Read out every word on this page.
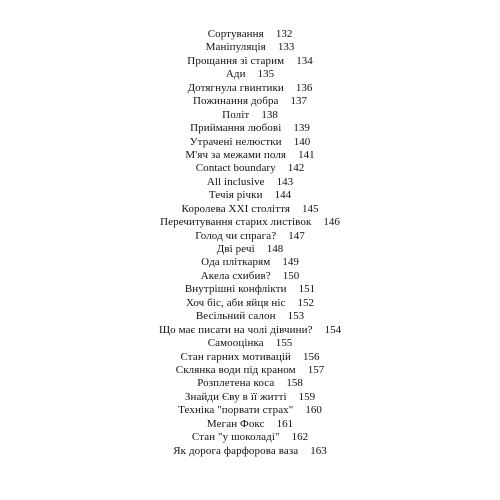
Сортування 132
Маніпуляція 133
Прощання зі старим 134
Ади 135
Дотягнула гвинтики 136
Пожинання добра 137
Політ 138
Приймання любові 139
Утрачені нелюстки 140
М'яч за межами поля 141
Contact boundary 142
All inclusive 143
Течія річки 144
Королева XXI століття 145
Перечитування старих листівок 146
Голод чи спрага? 147
Дві речі 148
Ода пліткарям 149
Акела схибив? 150
Внутрішні конфлікти 151
Хоч біс, аби яйця ніс 152
Весільний салон 153
Що має писати на чолі дівчини? 154
Самооцінка 155
Стан гарних мотивацій 156
Склянка води під краном 157
Розплетена коса 158
Знайди Єву в її житті 159
Техніка "порвати страх" 160
Меган Фокс 161
Стан "у шоколаді" 162
Як дорога фарфорова ваза 163
